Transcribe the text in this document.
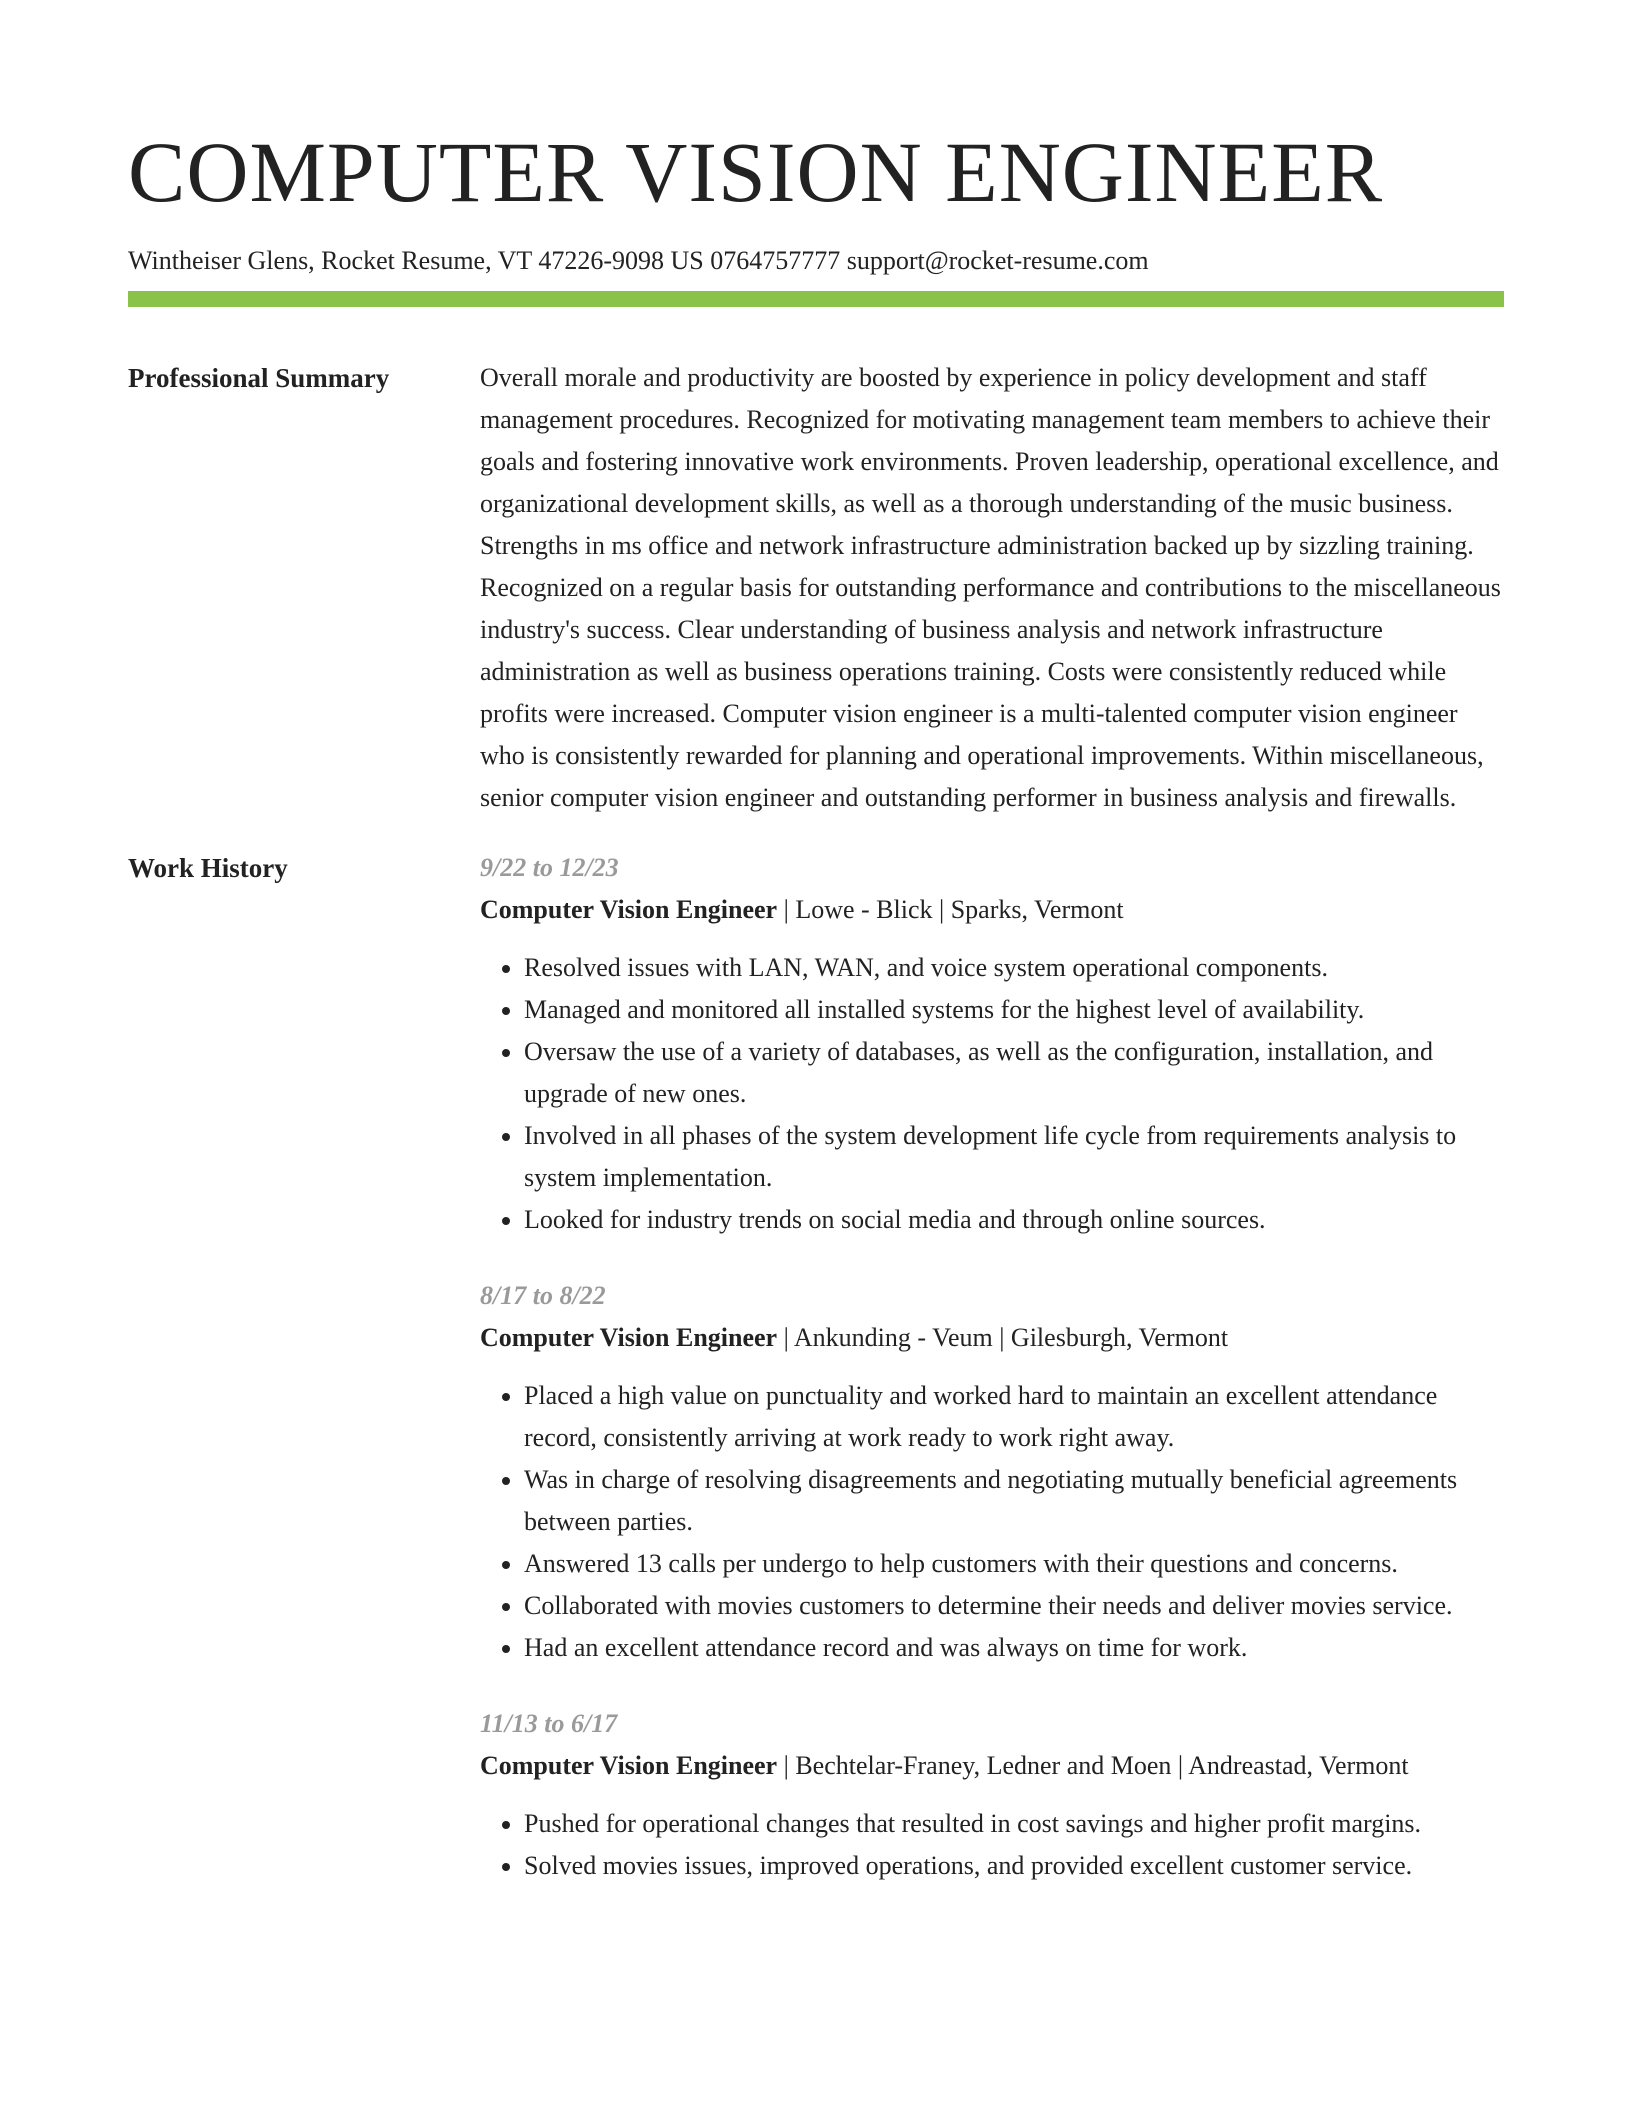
COMPUTER VISION ENGINEER
Wintheiser Glens, Rocket Resume, VT 47226-9098 US 0764757777 support@rocket-resume.com
Professional Summary	Overall morale and productivity are boosted by experience in policy development and staff management procedures. Recognized for motivating management team members to achieve their goals and fostering innovative work environments. Proven leadership, operational excellence, and organizational development skills, as well as a thorough understanding of the music business. Strengths in ms office and network infrastructure administration backed up by sizzling training. Recognized on a regular basis for outstanding performance and contributions to the miscellaneous industry's success. Clear understanding of business analysis and network infrastructure administration as well as business operations training. Costs were consistently reduced while profits were increased. Computer vision engineer is a multi-talented computer vision engineer who is consistently rewarded for planning and operational improvements. Within miscellaneous, senior computer vision engineer and outstanding performer in business analysis and firewalls.

Work History	9/22 to 12/23
Computer Vision Engineer | Lowe - Blick | Sparks, Vermont
• Resolved issues with LAN, WAN, and voice system operational components.
• Managed and monitored all installed systems for the highest level of availability.
• Oversaw the use of a variety of databases, as well as the configuration, installation, and upgrade of new ones.
• Involved in all phases of the system development life cycle from requirements analysis to system implementation.
• Looked for industry trends on social media and through online sources.
8/17 to 8/22
Computer Vision Engineer | Ankunding - Veum | Gilesburgh, Vermont
• Placed a high value on punctuality and worked hard to maintain an excellent attendance record, consistently arriving at work ready to work right away.
• Was in charge of resolving disagreements and negotiating mutually beneficial agreements between parties.
• Answered 13 calls per undergo to help customers with their questions and concerns.
• Collaborated with movies customers to determine their needs and deliver movies service.
• Had an excellent attendance record and was always on time for work.
11/13 to 6/17
Computer Vision Engineer | Bechtelar-Franey, Ledner and Moen | Andreastad, Vermont
• Pushed for operational changes that resulted in cost savings and higher profit margins.
• Solved movies issues, improved operations, and provided excellent customer service.
